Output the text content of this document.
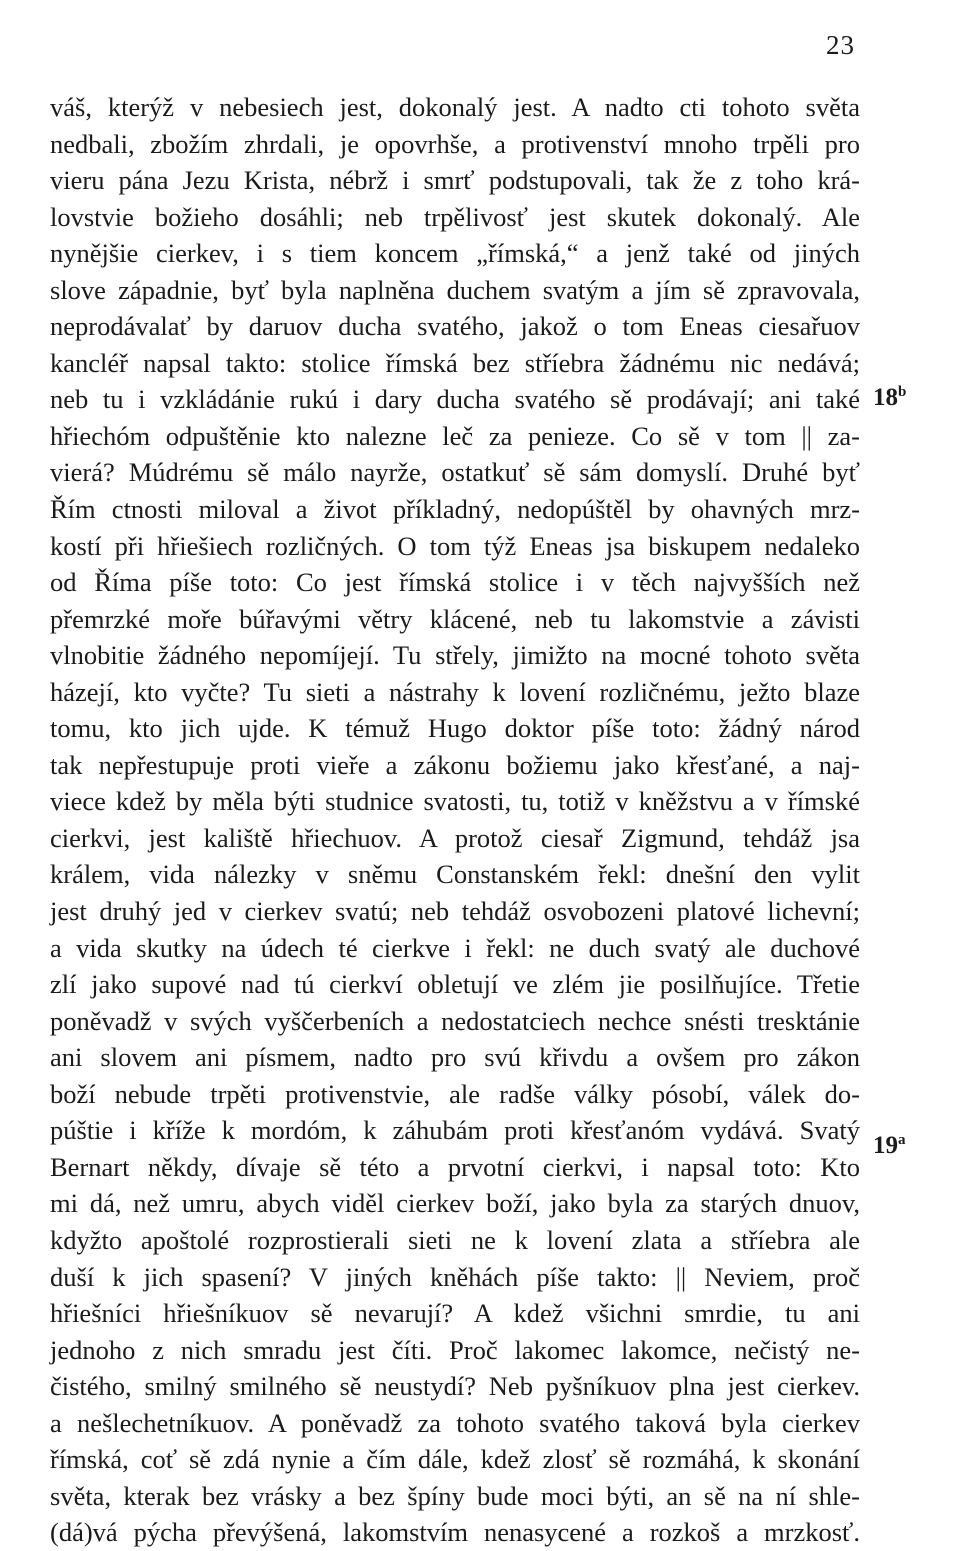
23
váš, kterýž v nebesiech jest, dokonalý jest. A nadto cti tohoto světa
nedbali, zbožím zhrdali, je opovrhše, a protivenství mnoho trpěli pro
vieru pána Jezu Krista, nébrž i smrť podstupovali, tak že z toho krá-
lovstvie božieho dosáhli; neb trpělivosť jest skutek dokonalý. Ale
nynějšie cierkev, i s tiem koncem „římská,“ a jenž také od jiných
slove západnie, byť byla naplněna duchem svatým a jím sě zpravovala,
neprodávalať by daruov ducha svatého, jakož o tom Eneas ciesařuov
kancléř napsal takto: stolice římská bez stříebra žádnému nic nedává;
neb tu i vzkládánie rukú i dary ducha svatého sě prodávají; ani také
hřiechóm odpuštěnie kto nalezne leč za penieze. Co sě v tom || za-
vierá? Múdrému sě málo nayrže, ostatkuť sě sám domyslí. Druhé byť
Řím ctnosti miloval a život příkladný, nedopúštěl by ohavných mrz-
kostí při hřiešiech rozličných. O tom týž Eneas jsa biskupem nedaleko
od Říma píše toto: Co jest římská stolice i v těch najvyšších než
přemrzké moře búřavými větry klácené, neb tu lakomstvie a závisti
vlnobitie žádného nepomíjejí. Tu střely, jimižto na mocné tohoto světa
házejí, kto vyčte? Tu sieti a nástrahy k lovení rozličnému, ježto blaze
tomu, kto jich ujde. K témuž Hugo doktor píše toto: žádný národ
tak nepřestupuje proti vieře a zákonu božiemu jako křesťané, a naj-
viece kdež by měla býti studnice svatosti, tu, totiž v kněžstvu a v římské
cierkvi, jest kaliště hřiechuov. A protož ciesař Zigmund, tehdáž jsa
králem, vida nálezky v sněmu Constanském řekl: dnešní den vylit
jest druhý jed v cierkev svatú; neb tehdáž osvobozeni platové lichevní;
a vida skutky na údech té cierkve i řekl: ne duch svatý ale duchové
zlí jako supové nad tú cierkví obletují ve zlém jie posilňujíce. Třetie
poněvadž v svých vyščerbeních a nedostatciech nechce snésti tresktánie
ani slovem ani písmem, nadto pro svú křivdu a ovšem pro zákon
boží nebude trpěti protivenstvie, ale radše války pósobí, válek do-
púštie i kříže k mordóm, k záhubám proti křesťanóm vydává. Svatý
Bernart někdy, dívaje sě této a prvotní cierkvi, i napsal toto: Kto
mi dá, než umru, abych viděl cierkev boží, jako byla za starých dnuov,
kdyžto apoštolé rozprostierali sieti ne k lovení zlata a stříebra ale
duší k jich spasení? V jiných kněhách píše takto: || Neviem, proč
hřiešníci hřiešníkuov sě nevarují? A kdež všichni smrdie, tu ani
jednoho z nich smradu jest číti. Proč lakomec lakomce, nečistý ne-
čistého, smilný smilného sě neustydí? Neb pyšníkuov plna jest cierkev.
a nešlechetníkuov. A poněvadž za tohoto svatého taková byla cierkev
římská, coť sě zdá nynie a čím dále, kdež zlosť sě rozmáhá, k skonání
světa, kterak bez vrásky a bez špíny bude moci býti, an sě na ní shle-
(dá)vá pýcha převýšená, lakomstvím nenasycené a rozkoš a mrzkosť.
18$^b$
19$^a$
